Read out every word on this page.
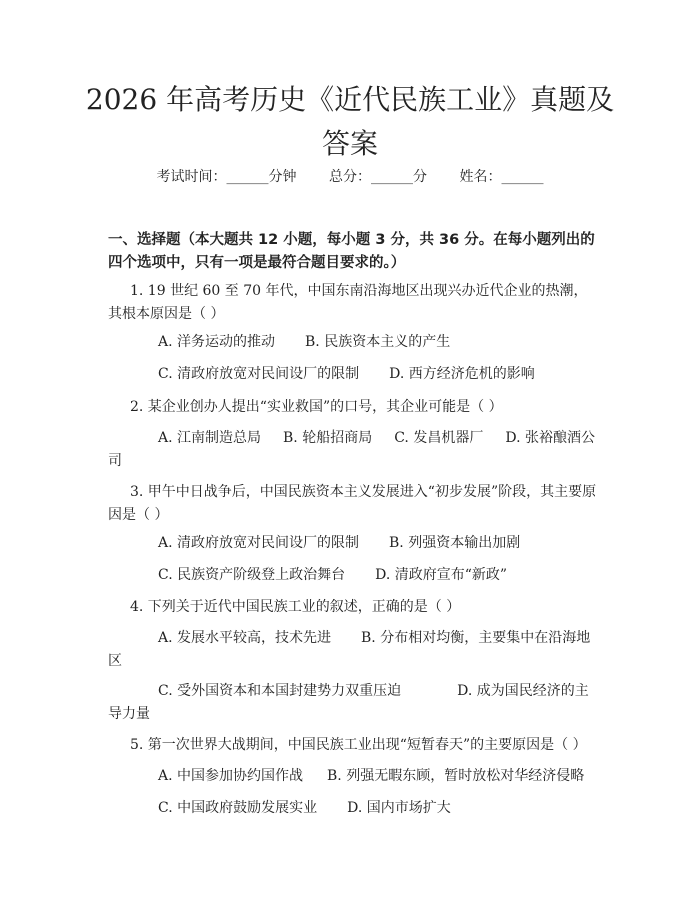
2026 年高考历史《近代民族工业》真题及答案
考试时间：______分钟 总分：______分 姓名：______
一、选择题（本大题共 12 小题，每小题 3 分，共 36 分。在每小题列出的四个选项中，只有一项是最符合题目要求的。）
1. 19 世纪 60 至 70 年代，中国东南沿海地区出现兴办近代企业的热潮，其根本原因是（ ）
A. 洋务运动的推动 B. 民族资本主义的产生
C. 清政府放宽对民间设厂的限制 D. 西方经济危机的影响
2. 某企业创办人提出“实业救国”的口号，其企业可能是（ ）
A. 江南制造总局 B. 轮船招商局 C. 发昌机器厂 D. 张裕酿酒公司
3. 甲午中日战争后，中国民族资本主义发展进入“初步发展”阶段，其主要原因是（ ）
A. 清政府放宽对民间设厂的限制 B. 列强资本输出加剧
C. 民族资产阶级登上政治舞台 D. 清政府宣布“新政”
4. 下列关于近代中国民族工业的叙述，正确的是（ ）
A. 发展水平较高，技术先进 B. 分布相对均衡，主要集中在沿海地区
C. 受外国资本和本国封建势力双重压迫	D. 成为国民经济的主导力量
5. 第一次世界大战期间，中国民族工业出现“短暂春天”的主要原因是（ ）
A. 中国参加协约国作战 B. 列强无暇东顾，暂时放松对华经济侵略
C. 中国政府鼓励发展实业 D. 国内市场扩大
